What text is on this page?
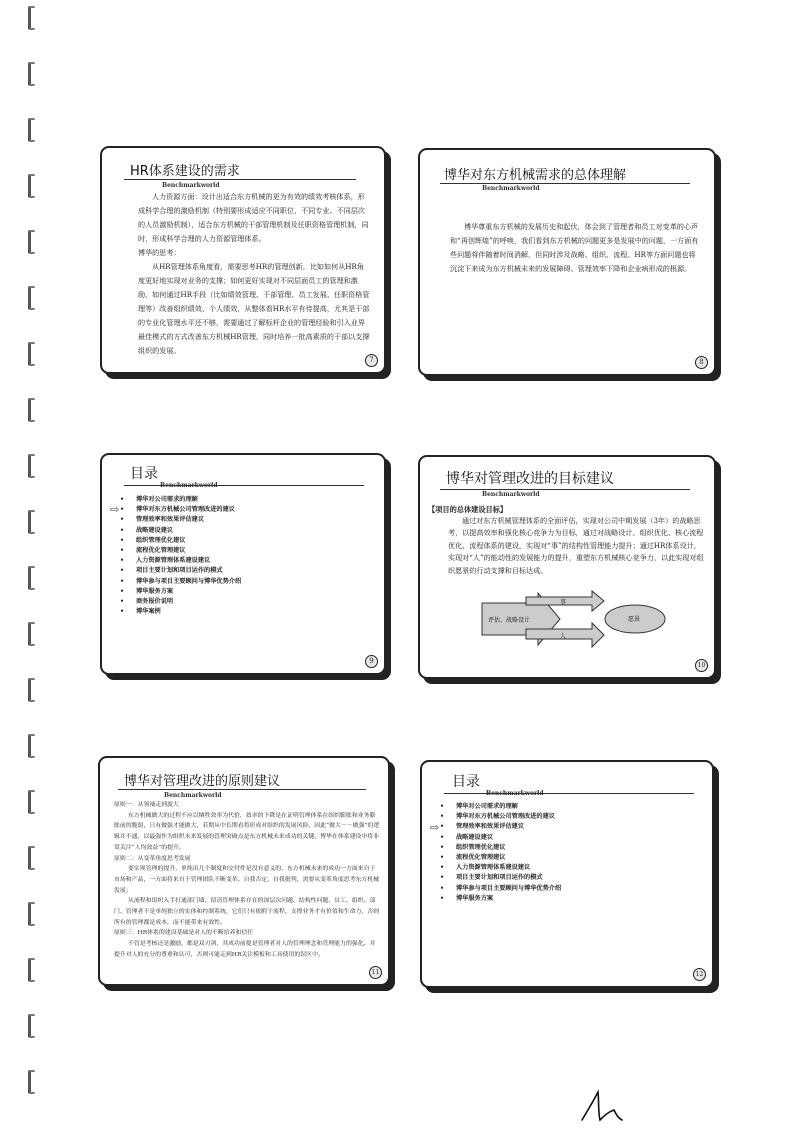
HR体系建设的需求
Benchmarkworld

人力资源方面：设计出适合东方机械的更为有效的绩效考核体系，形成科学合理的激励机制（特别要形成适应不同职位、不同专业、不同层次的人员激励机制），适合东方机械的干部管理机制及任职资格管理机制，同时，形成科学合理的人力资源管理体系。

博华的思考：

从HR管理体系角度看，需要思考HR的管理创新，比如如何从HR角度更好地实现对业务的支撑；如何更好实现对不同层面员工的管理和激励，如何通过HR手段（比如绩效管理、干部管理、员工发展、任职资格管理等）改善组织绩效、个人绩效，从整体看HR水平有待提高，尤其是干部的专业化管理水平还不够，需要通过了解标杆企业的管理经验和引入业界最佳模式的方式改善东方机械HR管理，同时培养一批高素质的干部以支撑组织的发展。

7
博华对东方机械需求的总体理解
Benchmarkworld

博华尊重东方机械的发展历史和起伏，体会到了管理者和员工对变革的心声和“再创辉煌”的呼唤，我们看到东方机械的问题更多是发展中的问题，一方面有些问题将伴随着时间消解，但同时涉及战略、组织、流程、HR等方面问题也将沉淀下来成为东方机械未来的发展障碍、管理效率下降和企业病形成的根源。

8
目录
Benchmarkworld
⇨
• 博华对公司需求的理解
• 博华对东方机械公司管理改进的建议
• 管理效率和效果评估建议
• 战略建设建议
• 组织管理优化建议
• 流程优化管理建议
• 人力资源管理体系建设建议
• 项目主要计划和项目运作的模式
• 博华参与项目主要顾问与博华优势介绍
• 博华服务方案
• 商务报价说明
• 博华案例
9
博华对管理改进的目标建议
Benchmarkworld
【项目的总体建设目标】

通过对东方机械管理体系的全面评估，实现对公司中期发展（3年）的战略思考，以提高效率和强化核心竞争力为目标，通过对战略设计、组织优化、核心流程优化、流程体系的建设，实现对“事”的结构性管理能力提升；通过HR体系设计，实现对“人”的能动性的发展能力的提升，重塑东方机械核心竞争力，以此实现对组织愿景的行动支撑和目标达成。

评估、战略设计
事
人
愿景
10
博华对管理改进的原则建议
Benchmarkworld

原则一：从领袖走到旋大

东方机械做大的过程不应以牺牲效率为代价，效率的下降是在证明管理体系在组织膨胀和业务膨胀前的脆弱，只有做强才能做大，若期从中长期看将形成对组织的发展风险，因此“做大－－做强”的逻辑并不通，以最强作为组织未来发展的管理突破点是东方机械未来成功的关键，博华在体系建设中将非常关注“人均效益”的提升。

原则二：从变革角度思考发展

要实现管理的提升，单纯出几个制度和交付件是没有意义的，东方机械未来的成功一方面来自于市场和产品，一方面将来自于管理团队不断变革、自我否定、自我批判，需要从变革角度思考东方机械发展；

从流程和组织入手打通部门墙，留清管理体系存在的深层次问题、结构性问题、员工、组织、部门、管理者不是单纯独立的实体和控制系统，它们只有依附于流程、支撑业务才有价值和生命力，否则所有的管理都是成本，而不能带来有效性。

原则三：HR体系的建设基础是对人的不断培养和信任

不管是考核还是激励，都是双刃剑，其成功前提是管理者对人的管理理念和管理能力的强化，并提升对人的充分的尊重和认可，否则可能走到HR关注模板和工具使用的误区中。

11
目录
Benchmarkworld
⇨
• 博华对公司需求的理解
• 博华对东方机械公司管理改进的建议
• 管理效率和效果评估建议
• 战略建设建议
• 组织管理优化建议
• 流程优化管理建议
• 人力资源管理体系建设建议
• 项目主要计划和项目运作的模式
• 博华参与项目主要顾问与博华优势介绍
• 博华服务方案
12
